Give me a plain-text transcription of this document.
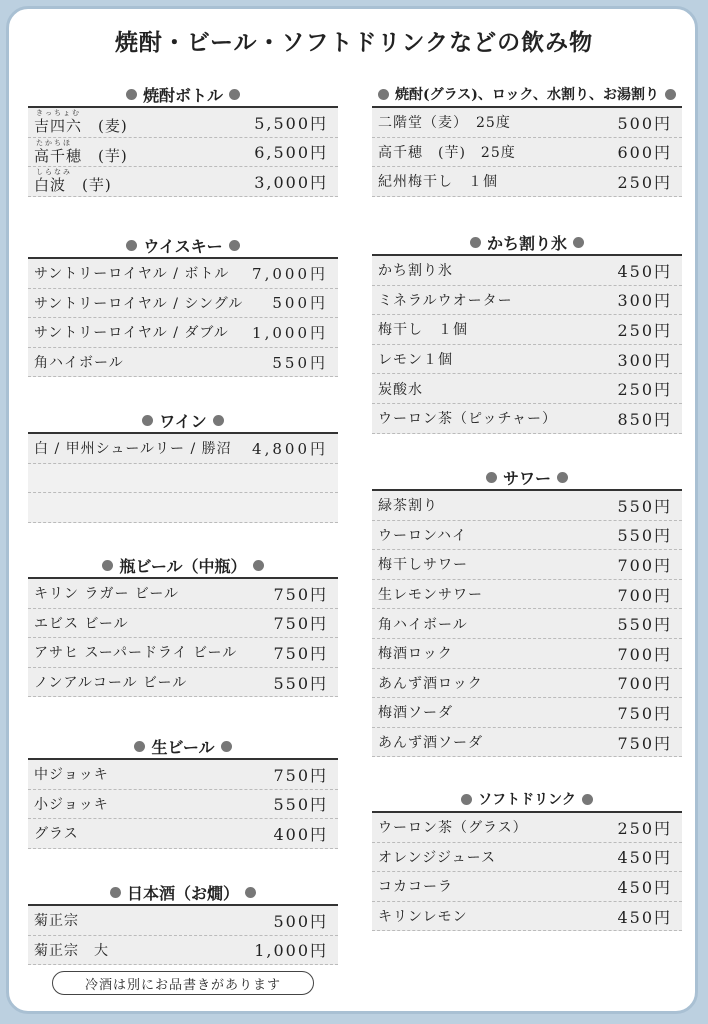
焼酎・ビール・ソフトドリンクなどの飲み物
焼酎ボトル
きっちょむ
吉四六　(麦)	5,500円
たかちほ
高千穂　(芋)	6,500円
しらなみ
白波　(芋)	3,000円
ウイスキー
サントリーロイヤル / ボトル 7,000円
サントリーロイヤル / シングル 500円
サントリーロイヤル / ダブル 1,000円
角ハイボール	550円
ワイン
白 / 甲州シュールリー / 勝沼 4,800円
瓶ビール（中瓶）
キリン ラガー ビール	750円
エビス ビール	750円
アサヒ スーパードライ ビール 750円
ノンアルコール ビール	550円
生ビール
中ジョッキ	750円
小ジョッキ	550円
グラス	400円
日本酒（お燗）
菊正宗	500円
菊正宗　大	1,000円
冷酒は別にお品書きがあります
焼酎(グラス)、ロック、水割り、お湯割り
二階堂（麦）　25度	500円
高千穂　(芋)　25度	600円
紀州梅干し　１個	250円
かち割り氷
かち割り氷	450円
ミネラルウオーター	300円
梅干し　１個	250円
レモン１個	300円
炭酸水	250円
ウーロン茶（ピッチャー）	850円
サワー
緑茶割り	550円
ウーロンハイ	550円
梅干しサワー	700円
生レモンサワー	700円
角ハイボール	550円
梅酒ロック	700円
あんず酒ロック	700円
梅酒ソーダ	750円
あんず酒ソーダ	750円
ソフトドリンク
ウーロン茶（グラス）	250円
オレンジジュース	450円
コカコーラ	450円
キリンレモン	450円
